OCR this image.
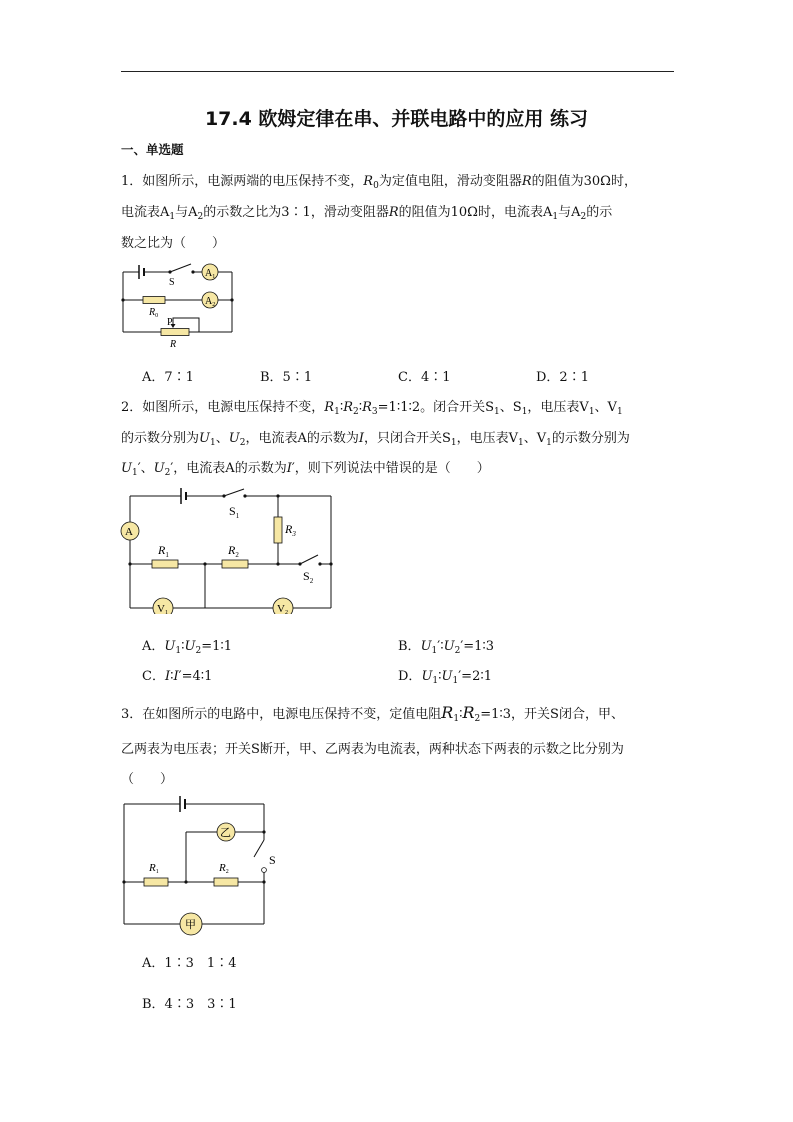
17.4 欧姆定律在串、并联电路中的应用 练习
一、单选题
1．如图所示，电源两端的电压保持不变，$R_0$为定值电阻，滑动变阻器R的阻值为30Ω时，
电流表$A_1$与$A_2$的示数之比为3∶1，滑动变阻器R的阻值为10Ω时，电流表$A_1$与$A_2$的示
数之比为（　　）
$A_1$
$A_2$
S
$R_0$
P
R
A．7∶1	B．5∶1	C．4∶1	D．2∶1
2．如图所示，电源电压保持不变，$R_1∶R_2∶R_3=1∶1∶2$。闭合开关$S_1$、$S_1$，电压表$V_1$、$V_1$
的示数分别为$U_1$、$U_2$，电流表A的示数为I，只闭合开关$S_1$，电压表$V_1$、$V_1$的示数分别为
$U_1'$、$U_2'$，电流表A的示数为I′，则下列说法中错误的是（　　）
A
$S_1$
$R_3$
$R_1$	$R_2$
$S_2$
V1	V2
A．$U_1∶U_2=1∶1$	B．$U_1'∶U_2'=1∶3$
C．I∶I′=4∶1	D．$U_1∶U_1'=2∶1$
3．在如图所示的电路中，电源电压保持不变，定值电阻$R_1∶R_2=1∶3$，开关S闭合，甲、
乙两表为电压表；开关S断开，甲、乙两表为电流表，两种状态下两表的示数之比分别为
（　　）
乙
甲
S
R1	R2
A．1∶3　1∶4
B．4∶3　3∶1
